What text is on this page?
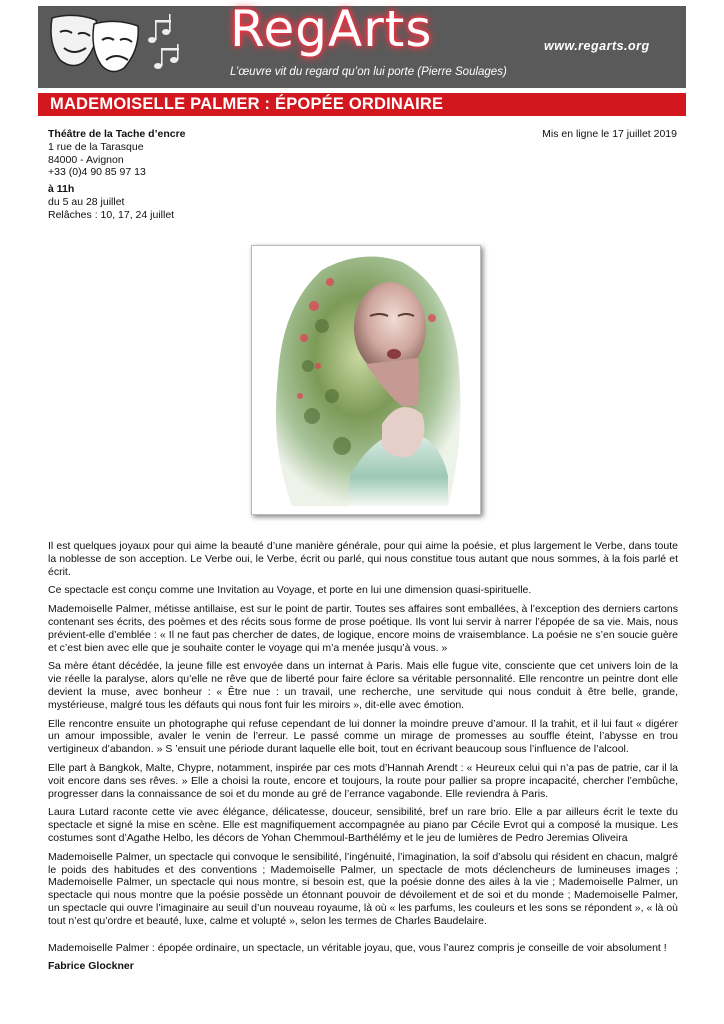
RegArts	www.regarts.org
L’œuvre vit du regard qu’on lui porte (Pierre Soulages)
MADEMOISELLE PALMER : ÉPOPÉE ORDINAIRE
Théâtre de la Tache d’encre
1 rue de la Tarasque
84000 - Avignon
+33 (0)4 90 85 97 13
à 11h
du 5 au 28 juillet
Relâches : 10, 17, 24 juillet
Mis en ligne le 17 juillet 2019

Il est quelques joyaux pour qui aime la beauté d’une manière générale, pour qui aime la poésie, et plus largement le Verbe, dans toute la noblesse de son acception. Le Verbe oui, le Verbe, écrit ou parlé, qui nous constitue tous autant que nous sommes, à la fois parlé et écrit.

Ce spectacle est conçu comme une Invitation au Voyage, et porte en lui une dimension quasi-spirituelle.

Mademoiselle Palmer, métisse antillaise, est sur le point de partir. Toutes ses affaires sont emballées, à l’exception des derniers cartons contenant ses écrits, des poèmes et des récits sous forme de prose poétique. Ils vont lui servir à narrer l’épopée de sa vie. Mais, nous prévient-elle d’emblée : « Il ne faut pas chercher de dates, de logique, encore moins de vraisemblance. La poésie ne s’en soucie guère et c’est bien avec elle que je souhaite conter le voyage qui m’a menée jusqu’à vous. »

Sa mère étant décédée, la jeune fille est envoyée dans un internat à Paris. Mais elle fugue vite, consciente que cet univers loin de la vie réelle la paralyse, alors qu’elle ne rêve que de liberté pour faire éclore sa véritable personnalité. Elle rencontre un peintre dont elle devient la muse, avec bonheur : « Être nue : un travail, une recherche, une servitude qui nous conduit à être belle, grande, mystérieuse, malgré tous les défauts qui nous font fuir les miroirs », dit-elle avec émotion.

Elle rencontre ensuite un photographe qui refuse cependant de lui donner la moindre preuve d’amour. Il la trahit, et il lui faut « digérer un amour impossible, avaler le venin de l’erreur. Le passé comme un mirage de promesses au souffle éteint, l’abysse en trou vertigineux d’abandon. » S ’ensuit une période durant laquelle elle boit, tout en écrivant beaucoup sous l’influence de l’alcool.

Elle part à Bangkok, Malte, Chypre, notamment, inspirée par ces mots d’Hannah Arendt : « Heureux celui qui n’a pas de patrie, car il la voit encore dans ses rêves. » Elle a choisi la route, encore et toujours, la route pour pallier sa propre incapacité, chercher l’embûche, progresser dans la connaissance de soi et du monde au gré de l’errance vagabonde. Elle reviendra à Paris.

Laura Lutard raconte cette vie avec élégance, délicatesse, douceur, sensibilité, bref un rare brio. Elle a par ailleurs écrit le texte du spectacle et signé la mise en scène. Elle est magnifiquement accompagnée au piano par Cécile Evrot qui a composé la musique. Les costumes sont d’Agathe Helbo, les décors de Yohan Chemmoul-Barthélémy et le jeu de lumières de Pedro Jeremias Oliveira

Mademoiselle Palmer, un spectacle qui convoque le sensibilité, l’ingénuité, l’imagination, la soif d’absolu qui résident en chacun, malgré le poids des habitudes et des conventions ; Mademoiselle Palmer, un spectacle de mots déclencheurs de lumineuses images ; Mademoiselle Palmer, un spectacle qui nous montre, si besoin est, que la poésie donne des ailes à la vie ; Mademoiselle Palmer, un spectacle qui nous montre que la poésie possède un étonnant pouvoir de dévoilement et de soi et du monde ; Mademoiselle Palmer, un spectacle qui ouvre l’imaginaire au seuil d’un nouveau royaume, là où « les parfums, les couleurs et les sons se répondent », « là où tout n’est qu’ordre et beauté, luxe, calme et volupté », selon les termes de Charles Baudelaire.

Mademoiselle Palmer : épopée ordinaire, un spectacle, un véritable joyau, que, vous l’aurez compris je conseille de voir absolument !

Fabrice Glockner
